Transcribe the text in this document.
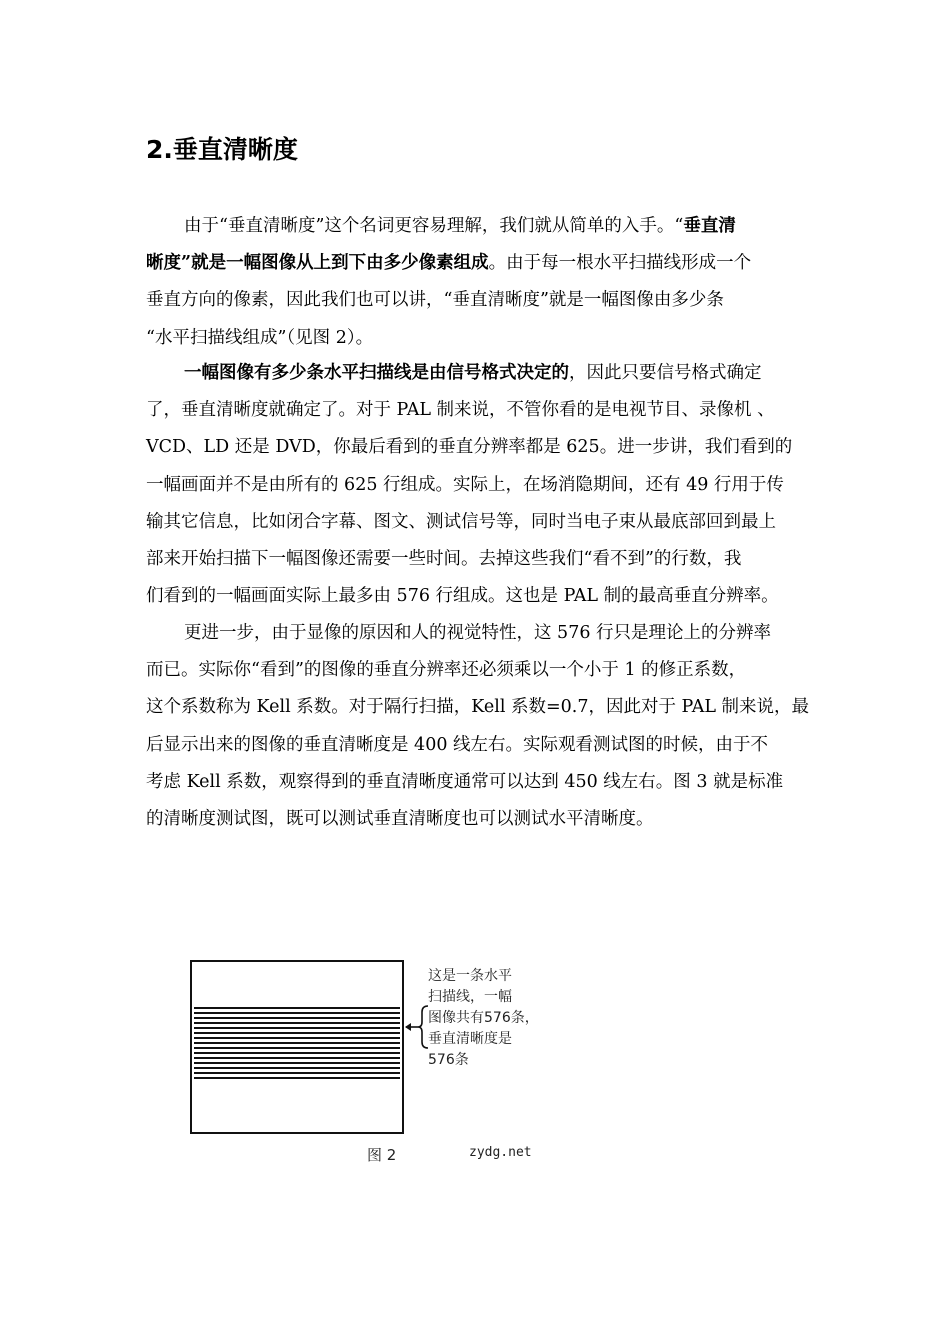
2.垂直清晰度

由于“垂直清晰度”这个名词更容易理解，我们就从简单的入手。“垂直清

晰度”就是一幅图像从上到下由多少像素组成。由于每一根水平扫描线形成一个

垂直方向的像素，因此我们也可以讲，“垂直清晰度”就是一幅图像由多少条

“水平扫描线组成”（见图 2）。

一幅图像有多少条水平扫描线是由信号格式决定的，因此只要信号格式确定

了，垂直清晰度就确定了。对于 PAL 制来说，不管你看的是电视节目、录像机 、

VCD、LD 还是 DVD，你最后看到的垂直分辨率都是 625。进一步讲，我们看到的

一幅画面并不是由所有的 625 行组成。实际上，在场消隐期间，还有 49 行用于传

输其它信息，比如闭合字幕、图文、测试信号等，同时当电子束从最底部回到最上

部来开始扫描下一幅图像还需要一些时间。去掉这些我们“看不到”的行数，我

们看到的一幅画面实际上最多由 576 行组成。这也是 PAL 制的最高垂直分辨率。

更进一步，由于显像的原因和人的视觉特性，这 576 行只是理论上的分辨率

而已。实际你“看到”的图像的垂直分辨率还必须乘以一个小于 1 的修正系数，

这个系数称为 Kell 系数。对于隔行扫描，Kell 系数=0.7，因此对于 PAL 制来说，最

后显示出来的图像的垂直清晰度是 400 线左右。实际观看测试图的时候，由于不

考虑 Kell 系数，观察得到的垂直清晰度通常可以达到 450 线左右。图 3 就是标准

的清晰度测试图，既可以测试垂直清晰度也可以测试水平清晰度。

这是一条水平
扫描线，一幅
图像共有576条，
垂直清晰度是
576条
图 2	zydg.net
